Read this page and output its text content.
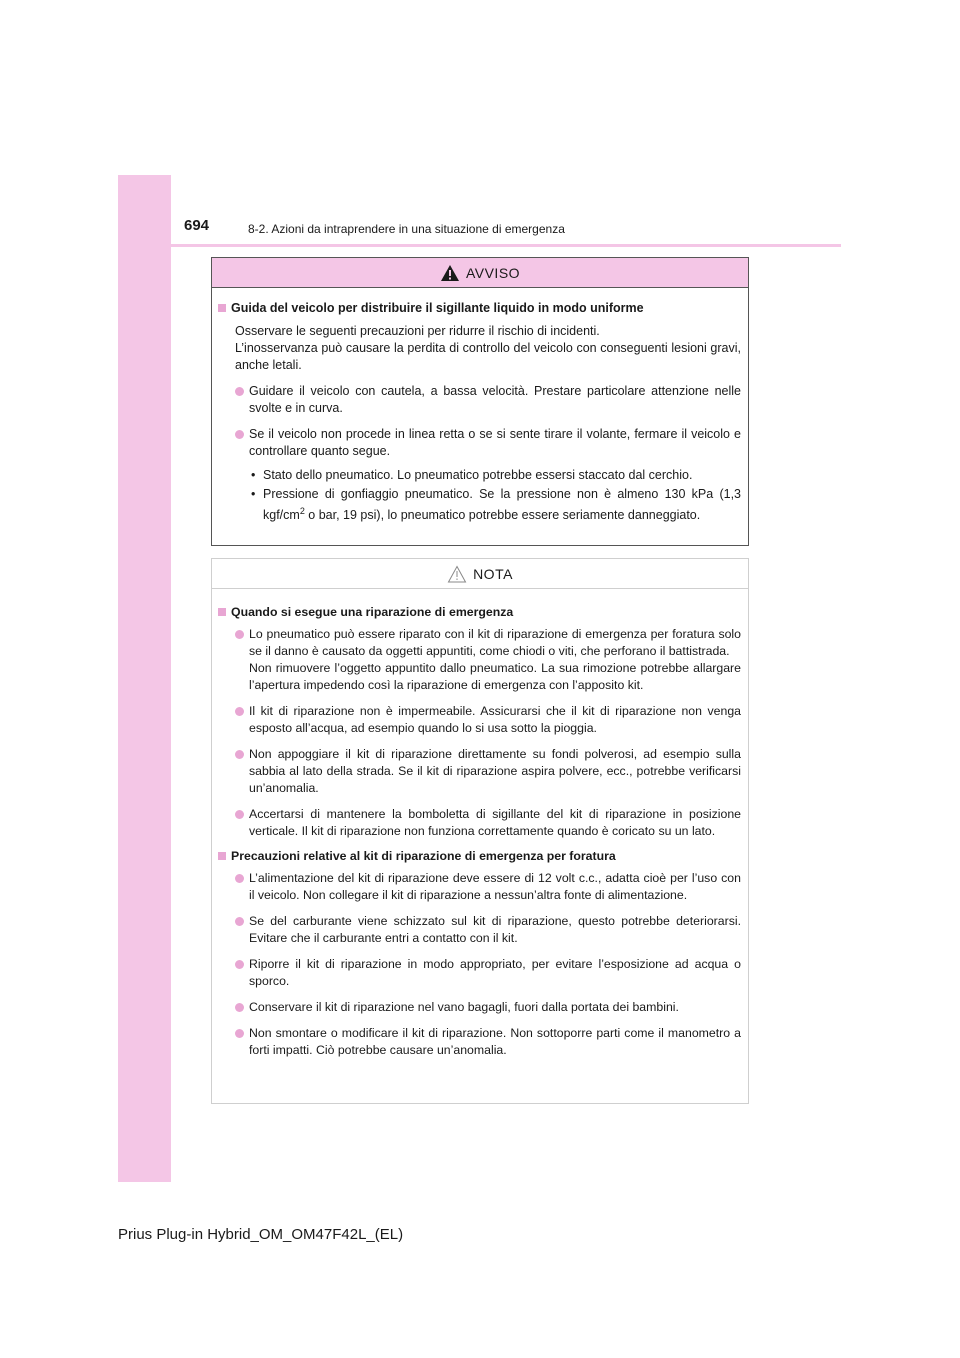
694	8-2. Azioni da intraprendere in una situazione di emergenza
AVVISO
Guida del veicolo per distribuire il sigillante liquido in modo uniforme
Osservare le seguenti precauzioni per ridurre il rischio di incidenti.
L’inosservanza può causare la perdita di controllo del veicolo con conseguenti lesioni gravi, anche letali.
Guidare il veicolo con cautela, a bassa velocità. Prestare particolare attenzione nelle svolte e in curva.
Se il veicolo non procede in linea retta o se si sente tirare il volante, fermare il veicolo e controllare quanto segue.
• Stato dello pneumatico. Lo pneumatico potrebbe essersi staccato dal cerchio.
• Pressione di gonfiaggio pneumatico. Se la pressione non è almeno 130 kPa (1,3 kgf/$cm^2$ o bar, 19 psi), lo pneumatico potrebbe essere seriamente danneggiato.
NOTA
Quando si esegue una riparazione di emergenza
Lo pneumatico può essere riparato con il kit di riparazione di emergenza per foratura solo se il danno è causato da oggetti appuntiti, come chiodi o viti, che perforano il battistrada.
Non rimuovere l’oggetto appuntito dallo pneumatico. La sua rimozione potrebbe allargare l’apertura impedendo così la riparazione di emergenza con l’apposito kit.
Il kit di riparazione non è impermeabile. Assicurarsi che il kit di riparazione non venga esposto all’acqua, ad esempio quando lo si usa sotto la pioggia.
Non appoggiare il kit di riparazione direttamente su fondi polverosi, ad esempio sulla sabbia al lato della strada. Se il kit di riparazione aspira polvere, ecc., potrebbe verificarsi un’anomalia.
Accertarsi di mantenere la bomboletta di sigillante del kit di riparazione in posizione verticale. Il kit di riparazione non funziona correttamente quando è coricato su un lato.
Precauzioni relative al kit di riparazione di emergenza per foratura
L’alimentazione del kit di riparazione deve essere di 12 volt c.c., adatta cioè per l’uso con il veicolo. Non collegare il kit di riparazione a nessun’altra fonte di alimentazione.
Se del carburante viene schizzato sul kit di riparazione, questo potrebbe deteriorarsi. Evitare che il carburante entri a contatto con il kit.
Riporre il kit di riparazione in modo appropriato, per evitare l’esposizione ad acqua o sporco.
Conservare il kit di riparazione nel vano bagagli, fuori dalla portata dei bambini.
Non smontare o modificare il kit di riparazione. Non sottoporre parti come il manometro a forti impatti. Ciò potrebbe causare un’anomalia.
Prius Plug-in Hybrid_OM_OM47F42L_(EL)
